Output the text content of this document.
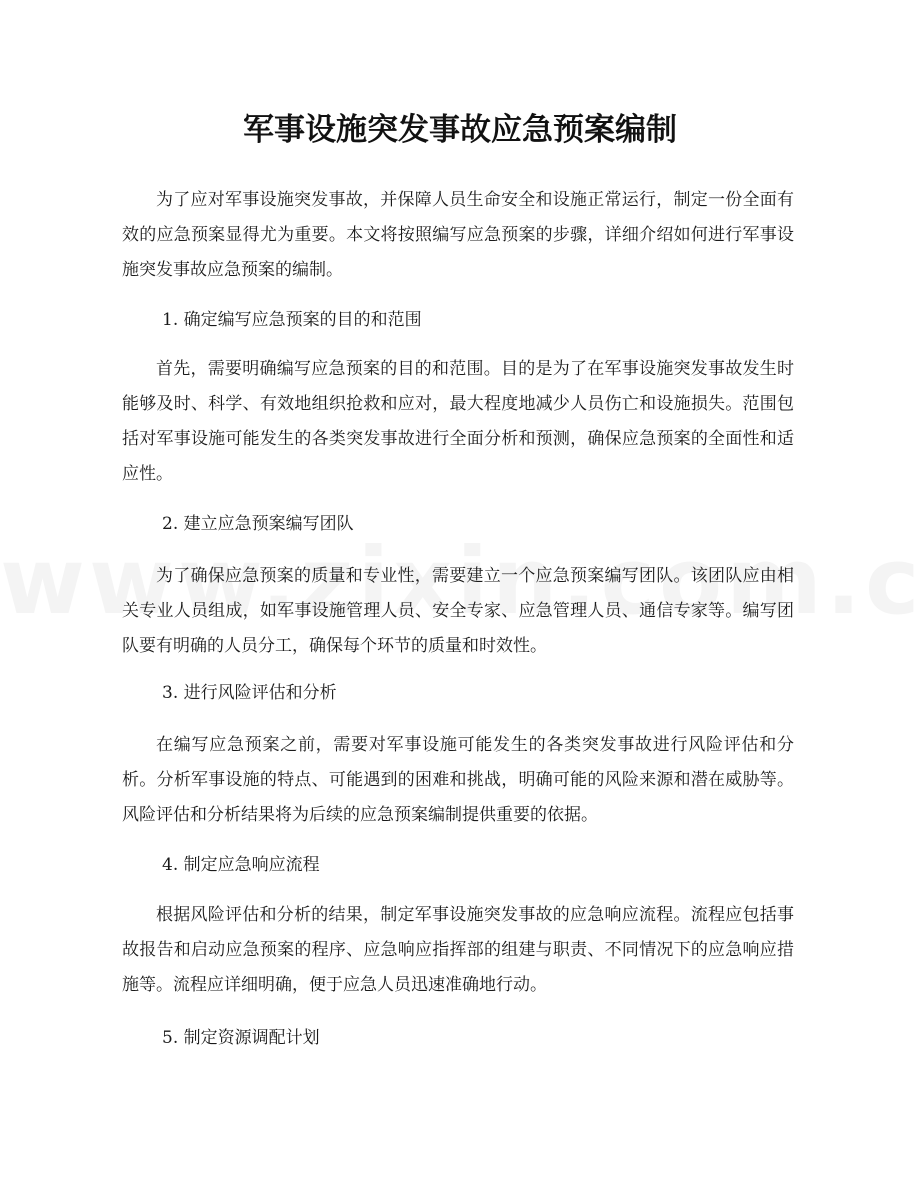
军事设施突发事故应急预案编制

为了应对军事设施突发事故，并保障人员生命安全和设施正常运行，制定一份全面有效的应急预案显得尤为重要。本文将按照编写应急预案的步骤，详细介绍如何进行军事设施突发事故应急预案的编制。

1. 确定编写应急预案的目的和范围

首先，需要明确编写应急预案的目的和范围。目的是为了在军事设施突发事故发生时能够及时、科学、有效地组织抢救和应对，最大程度地减少人员伤亡和设施损失。范围包括对军事设施可能发生的各类突发事故进行全面分析和预测，确保应急预案的全面性和适应性。

2. 建立应急预案编写团队

为了确保应急预案的质量和专业性，需要建立一个应急预案编写团队。该团队应由相关专业人员组成，如军事设施管理人员、安全专家、应急管理人员、通信专家等。编写团队要有明确的人员分工，确保每个环节的质量和时效性。

3. 进行风险评估和分析

在编写应急预案之前，需要对军事设施可能发生的各类突发事故进行风险评估和分析。分析军事设施的特点、可能遇到的困难和挑战，明确可能的风险来源和潜在威胁等。风险评估和分析结果将为后续的应急预案编制提供重要的依据。

4. 制定应急响应流程

根据风险评估和分析的结果，制定军事设施突发事故的应急响应流程。流程应包括事故报告和启动应急预案的程序、应急响应指挥部的组建与职责、不同情况下的应急响应措施等。流程应详细明确，便于应急人员迅速准确地行动。

5. 制定资源调配计划
